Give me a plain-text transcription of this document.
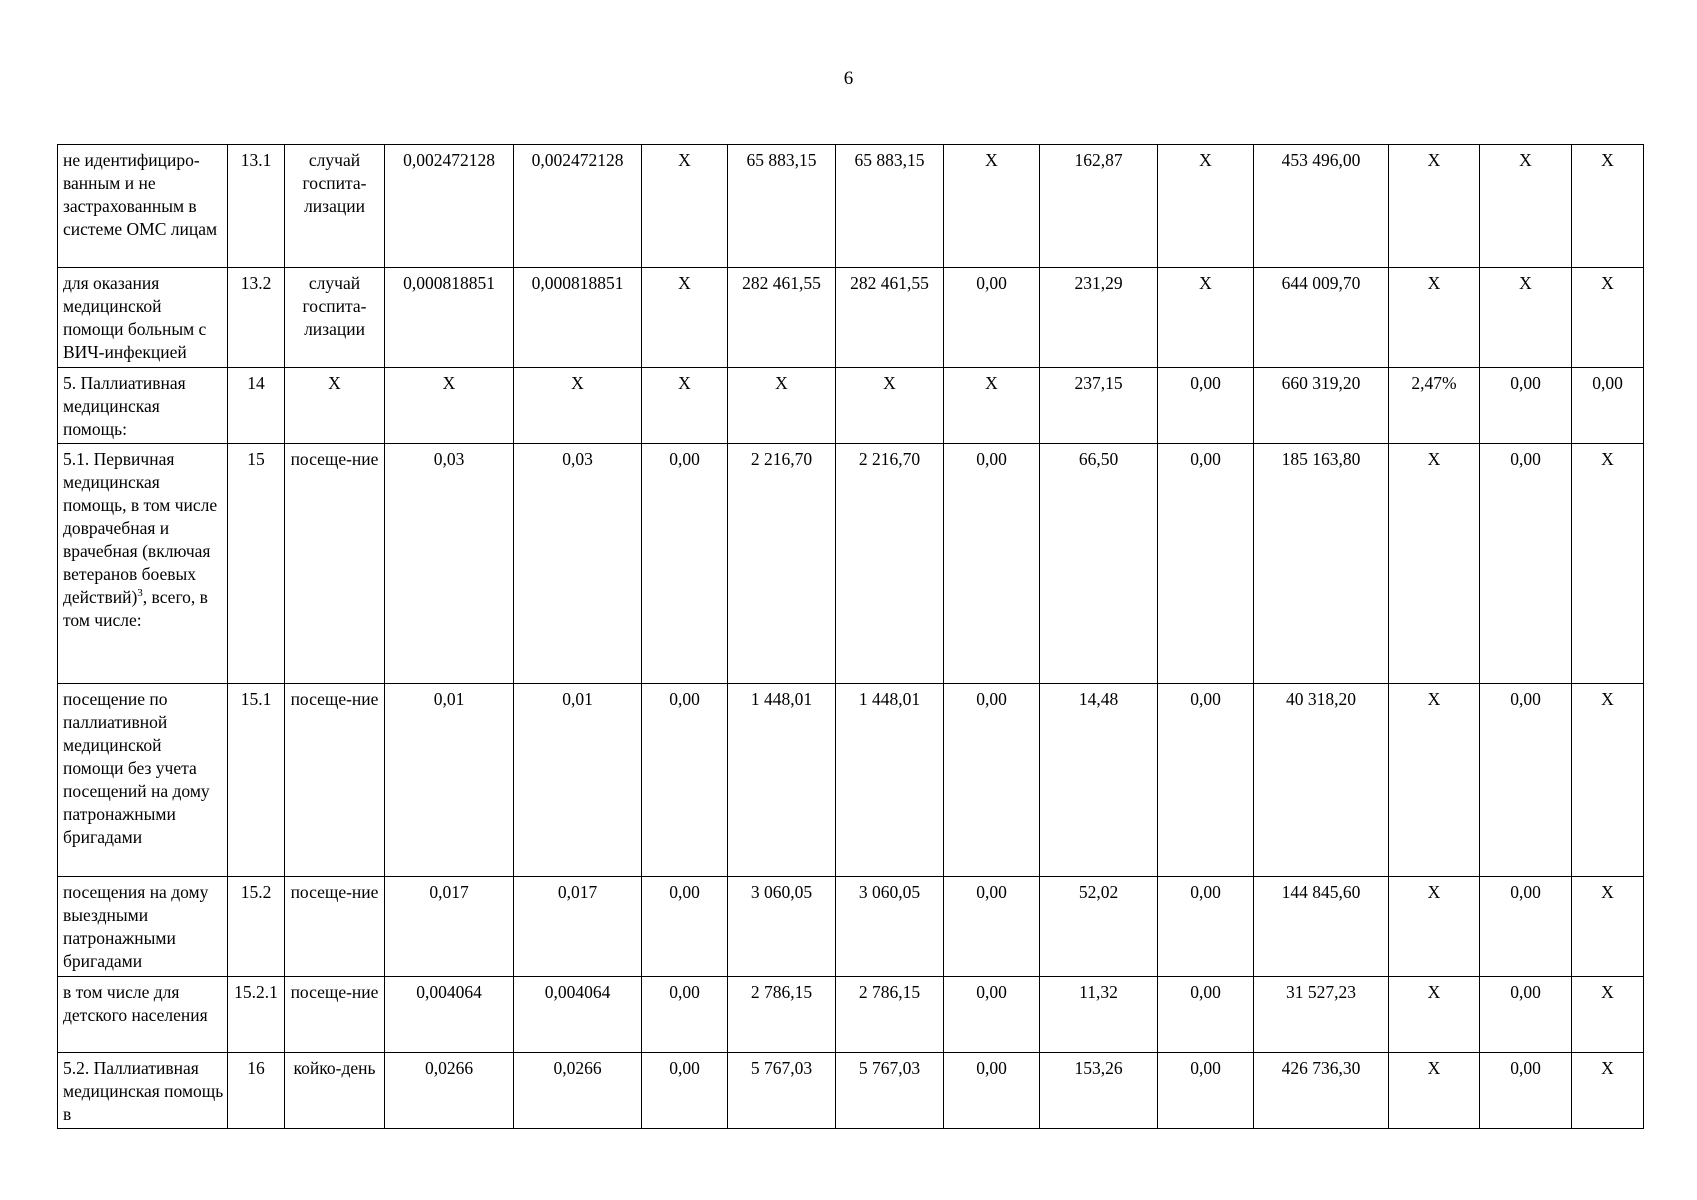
6
не идентифициро-ванным и не застрахованным в системе ОМС лицам	13.1	случай госпита-лизации	0,002472128	0,002472128	X	65 883,15	65 883,15	X	162,87	X	453 496,00	X	X	X
для оказания медицинской помощи больным с ВИЧ-инфекцией	13.2	случай госпита-лизации	0,000818851	0,000818851	X	282 461,55	282 461,55	0,00	231,29	X	644 009,70	X	X	X
5. Паллиативная медицинская помощь:	14	X	X	X	X	X	X	X	237,15	0,00	660 319,20	2,47%	0,00	0,00
5.1. Первичная медицинская помощь, в том числе доврачебная и врачебная (включая ветеранов боевых действий)$^3$, всего, в том числе:	15	посеще-ние	0,03	0,03	0,00	2 216,70	2 216,70	0,00	66,50	0,00	185 163,80	X	0,00	X
посещение по паллиативной медицинской помощи без учета посещений на дому патронажными бригадами	15.1	посеще-ние	0,01	0,01	0,00	1 448,01	1 448,01	0,00	14,48	0,00	40 318,20	X	0,00	X
посещения на дому выездными патронажными бригадами	15.2	посеще-ние	0,017	0,017	0,00	3 060,05	3 060,05	0,00	52,02	0,00	144 845,60	X	0,00	X
в том числе для детского населения	15.2.1	посеще-ние	0,004064	0,004064	0,00	2 786,15	2 786,15	0,00	11,32	0,00	31 527,23	X	0,00	X
5.2. Паллиативная медицинская помощь в	16	койко-день	0,0266	0,0266	0,00	5 767,03	5 767,03	0,00	153,26	0,00	426 736,30	X	0,00	X
